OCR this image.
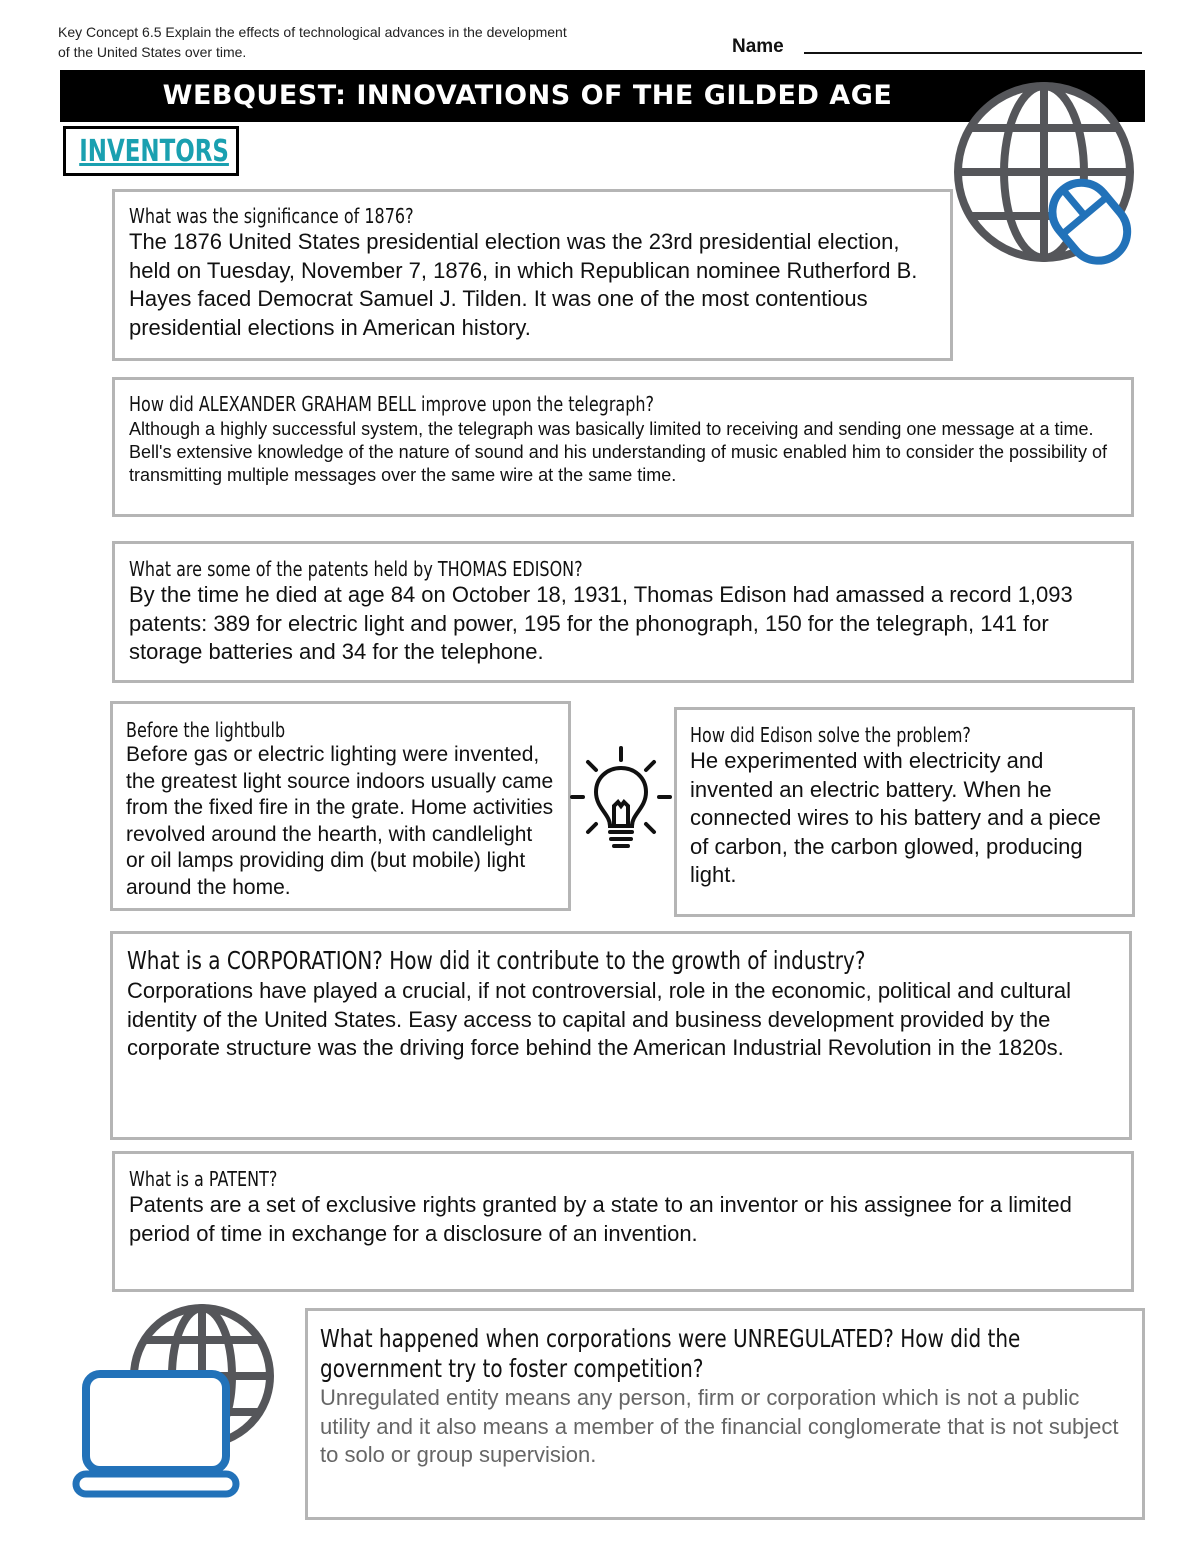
Key Concept 6.5 Explain the effects of technological advances in the development of the United States over time.	Name
WEBQUEST: INNOVATIONS OF THE GILDED AGE
INVENTORS
What was the significance of 1876?
The 1876 United States presidential election was the 23rd presidential election, held on Tuesday, November 7, 1876, in which Republican nominee Rutherford B. Hayes faced Democrat Samuel J. Tilden. It was one of the most contentious presidential elections in American history.
How did ALEXANDER GRAHAM BELL improve upon the telegraph?
Although a highly successful system, the telegraph was basically limited to receiving and sending one message at a time. Bell's extensive knowledge of the nature of sound and his understanding of music enabled him to consider the possibility of transmitting multiple messages over the same wire at the same time.
What are some of the patents held by THOMAS EDISON?
By the time he died at age 84 on October 18, 1931, Thomas Edison had amassed a record 1,093 patents: 389 for electric light and power, 195 for the phonograph, 150 for the telegraph, 141 for storage batteries and 34 for the telephone.
Before the lightbulb
Before gas or electric lighting were invented, the greatest light source indoors usually came from the fixed fire in the grate. Home activities revolved around the hearth, with candlelight or oil lamps providing dim (but mobile) light around the home.
How did Edison solve the problem?
He experimented with electricity and invented an electric battery. When he connected wires to his battery and a piece of carbon, the carbon glowed, producing light.
What is a CORPORATION? How did it contribute to the growth of industry?
Corporations have played a crucial, if not controversial, role in the economic, political and cultural identity of the United States. Easy access to capital and business development provided by the corporate structure was the driving force behind the American Industrial Revolution in the 1820s.
What is a PATENT?
Patents are a set of exclusive rights granted by a state to an inventor or his assignee for a limited period of time in exchange for a disclosure of an invention.
What happened when corporations were UNREGULATED? How did the government try to foster competition?
Unregulated entity means any person, firm or corporation which is not a public utility and it also means a member of the financial conglomerate that is not subject to solo or group supervision.
